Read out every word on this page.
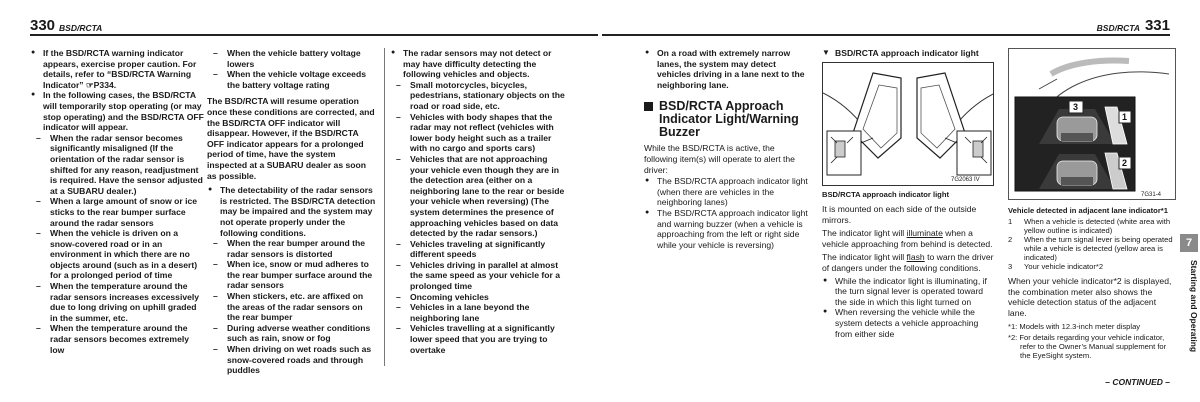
330 BSD/RCTA
● If the BSD/RCTA warning indicator appears, exercise proper caution. For details, refer to “BSD/RCTA Warning Indicator” ☞P334.
● In the following cases, the BSD/RCTA will temporarily stop operating (or may stop operating) and the BSD/RCTA OFF indicator will appear.
– When the radar sensor becomes significantly misaligned (If the orientation of the radar sensor is shifted for any reason, readjustment is required. Have the sensor adjusted at a SUBARU dealer.)
– When a large amount of snow or ice sticks to the rear bumper surface around the radar sensors
– When the vehicle is driven on a snow-covered road or in an environment in which there are no objects around (such as in a desert) for a prolonged period of time
– When the temperature around the radar sensors increases excessively due to long driving on uphill graded in the summer, etc.
– When the temperature around the radar sensors becomes extremely low
– When the vehicle battery voltage lowers
– When the vehicle voltage exceeds the battery voltage rating

The BSD/RCTA will resume operation once these conditions are corrected, and the BSD/RCTA OFF indicator will disappear. However, if the BSD/RCTA OFF indicator appears for a prolonged period of time, have the system inspected at a SUBARU dealer as soon as possible.

● The detectability of the radar sensors is restricted. The BSD/RCTA detection may be impaired and the system may not operate properly under the following conditions.
– When the rear bumper around the radar sensors is distorted
– When ice, snow or mud adheres to the rear bumper surface around the radar sensors
– When stickers, etc. are affixed on the areas of the radar sensors on the rear bumper
– During adverse weather conditions such as rain, snow or fog
– When driving on wet roads such as snow-covered roads and through puddles
● The radar sensors may not detect or may have difficulty detecting the following vehicles and objects.
– Small motorcycles, bicycles, pedestrians, stationary objects on the road or road side, etc.
– Vehicles with body shapes that the radar may not reflect (vehicles with lower body height such as a trailer with no cargo and sports cars)
– Vehicles that are not approaching your vehicle even though they are in the detection area (either on a neighboring lane to the rear or beside your vehicle when reversing) (The system determines the presence of approaching vehicles based on data detected by the radar sensors.)
– Vehicles traveling at significantly different speeds
– Vehicles driving in parallel at almost the same speed as your vehicle for a prolonged time
– Oncoming vehicles
– Vehicles in a lane beyond the neighboring lane
– Vehicles travelling at a significantly lower speed that you are trying to overtake
BSD/RCTA 331
● On a road with extremely narrow lanes, the system may detect vehicles driving in a lane next to the neighboring lane.
BSD/RCTA Approach Indicator Light/Warning Buzzer

While the BSD/RCTA is active, the following item(s) will operate to alert the driver:

● The BSD/RCTA approach indicator light (when there are vehicles in the neighboring lanes)
● The BSD/RCTA approach indicator light and warning buzzer (when a vehicle is approaching from the left or right side while your vehicle is reversing)
▼ BSD/RCTA approach indicator light
7G2063 IV
BSD/RCTA approach indicator light

It is mounted on each side of the outside mirrors.

The indicator light will illuminate when a vehicle approaching from behind is detected.

The indicator light will flash to warn the driver of dangers under the following conditions.

● While the indicator light is illuminating, if the turn signal lever is operated toward the side in which this light turned on
● When reversing the vehicle while the system detects a vehicle approaching from either side
3
1
2
7G31-4
Vehicle detected in adjacent lane indicator*1
1 When a vehicle is detected (white area with yellow outline is indicated)
2 When the turn signal lever is being operated while a vehicle is detected (yellow area is indicated)
3 Your vehicle indicator*2

When your vehicle indicator*2 is displayed, the combination meter also shows the vehicle detection status of the adjacent lane.

*1: Models with 12.3-inch meter display
*2: For details regarding your vehicle indicator, refer to the Owner’s Manual supplement for the EyeSight system.
7
Starting and Operating
– CONTINUED –
